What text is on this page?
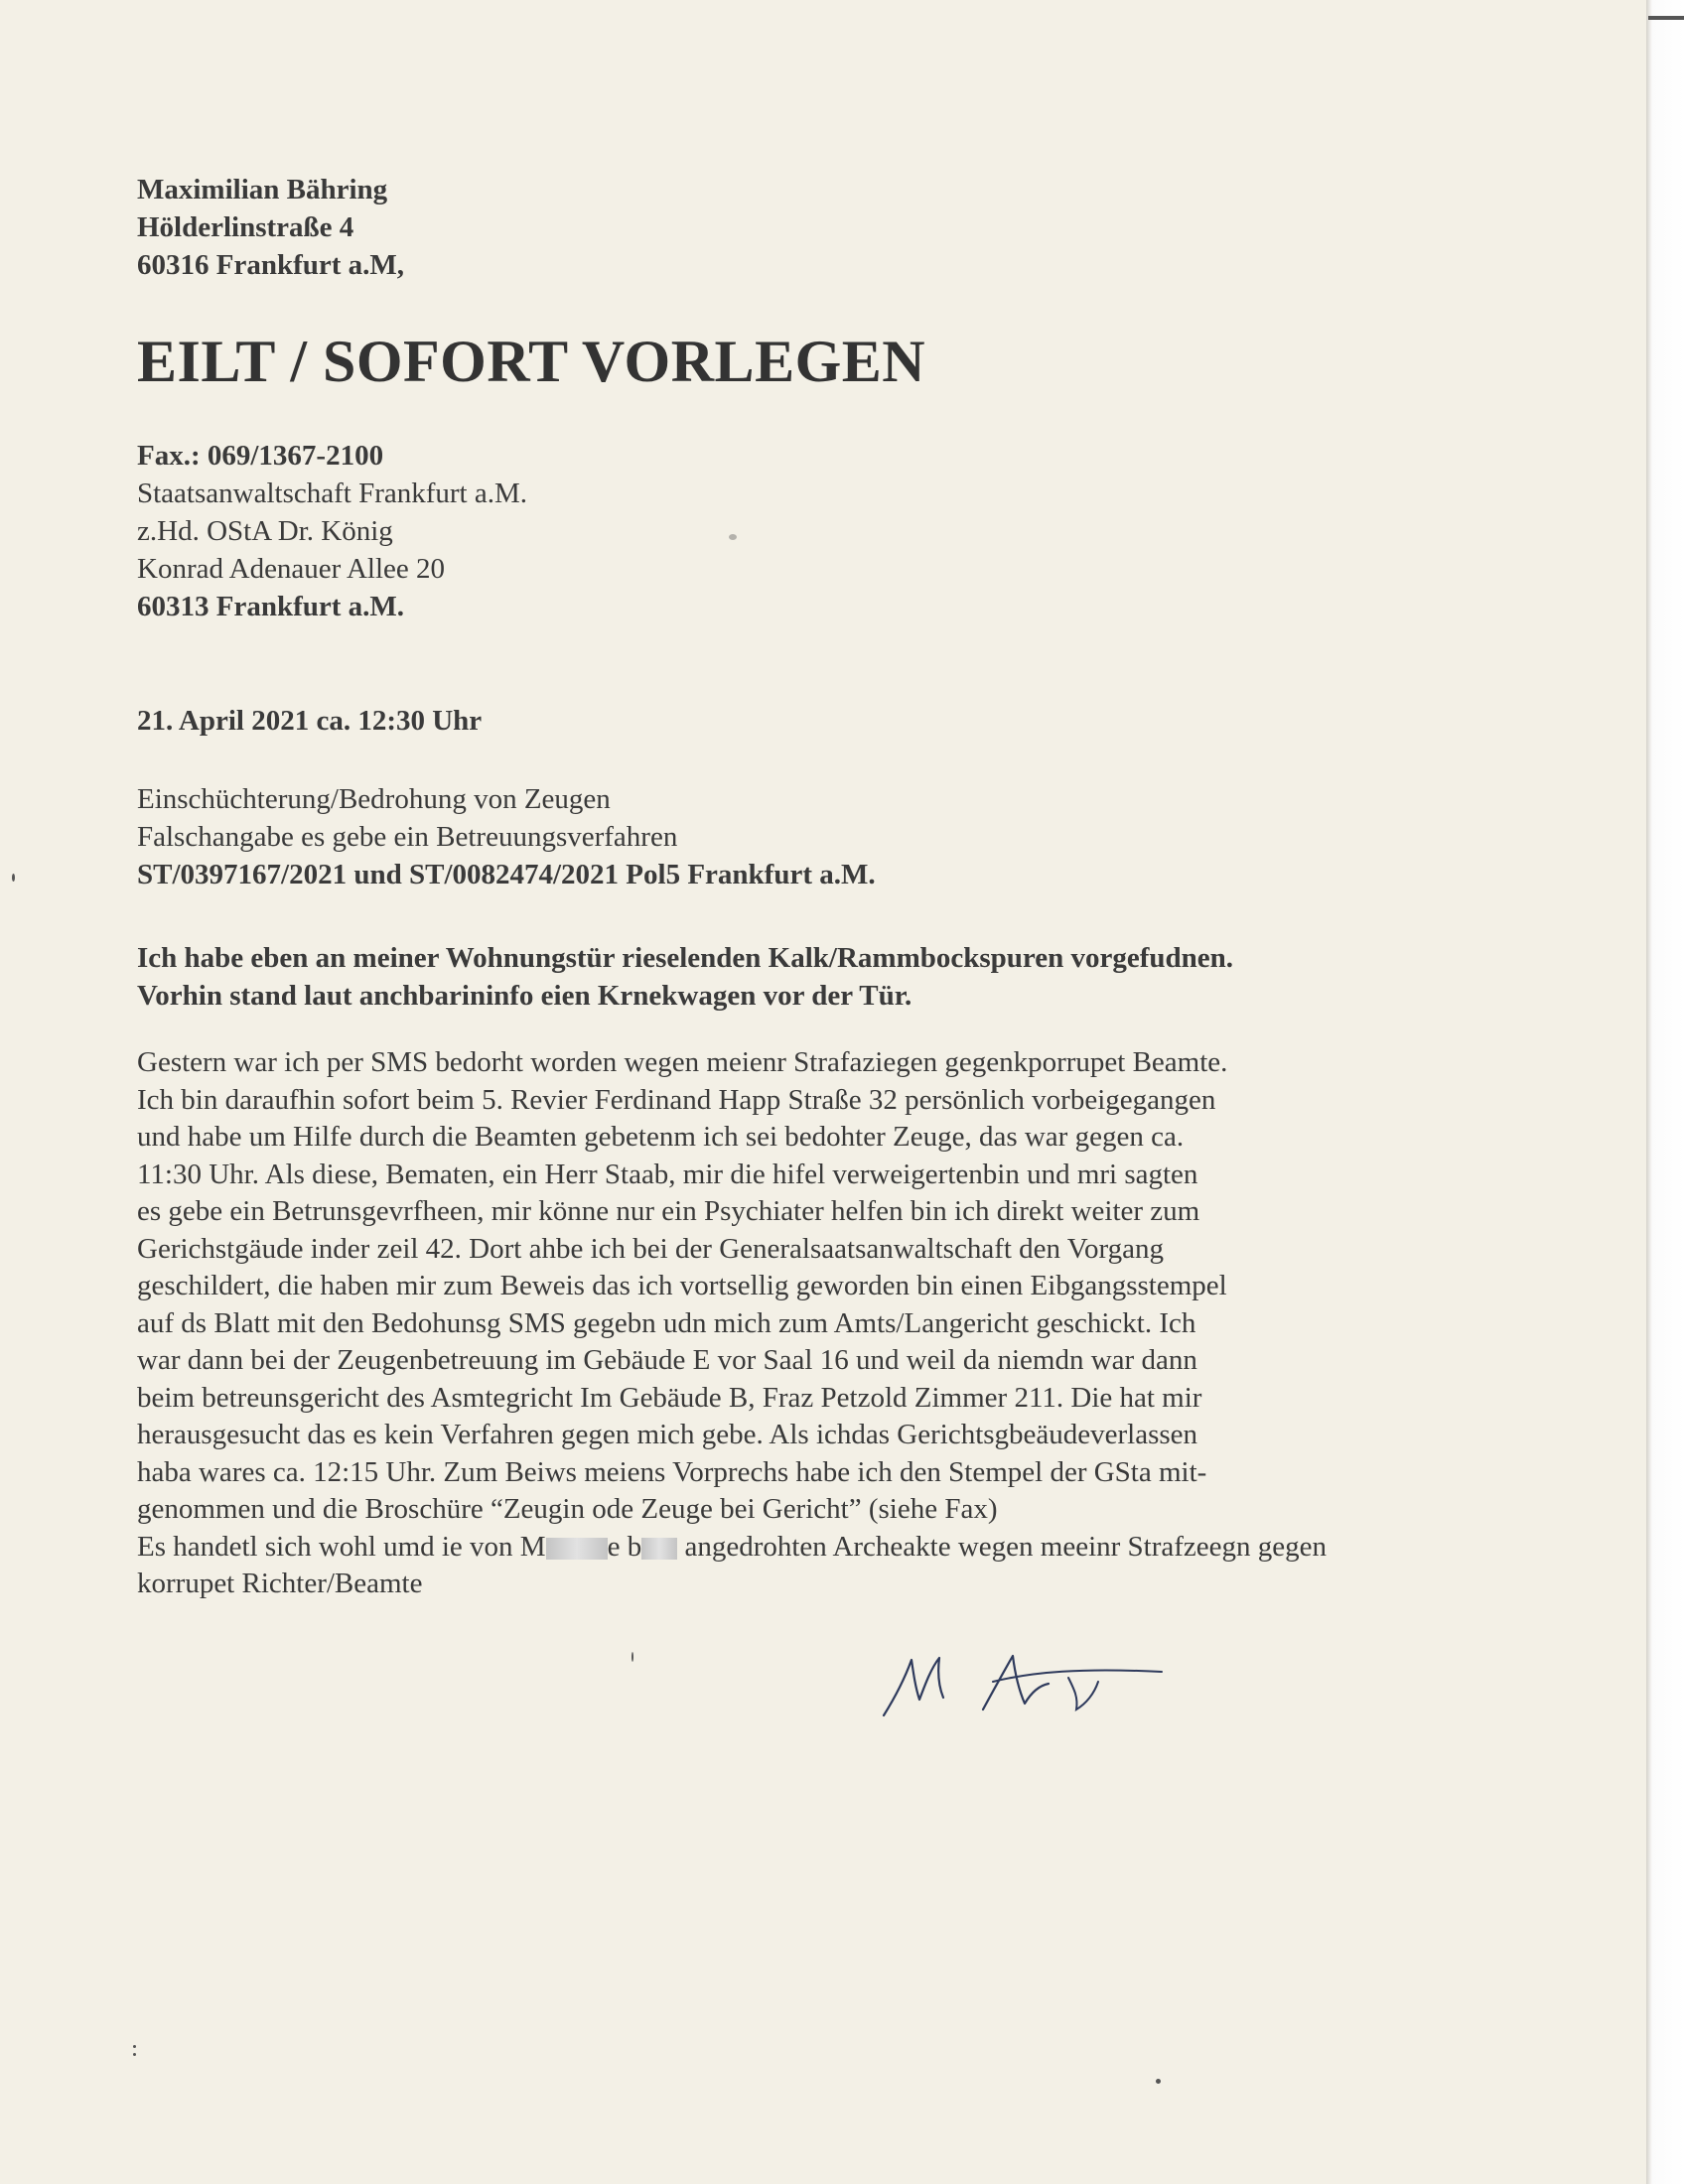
Maximilian Bähring
Hölderlinstraße 4
60316 Frankfurt a.M,
EILT / SOFORT VORLEGEN
Fax.: 069/1367-2100
Staatsanwaltschaft Frankfurt a.M.
z.Hd. OStA Dr. König
Konrad Adenauer Allee 20
60313 Frankfurt a.M.
21. April 2021 ca. 12:30 Uhr
Einschüchterung/Bedrohung von Zeugen
Falschangabe es gebe ein Betreuungsverfahren
ST/0397167/2021 und ST/0082474/2021 Pol5 Frankfurt a.M.
Ich habe eben an meiner Wohnungstür rieselenden Kalk/Rammbockspuren vorgefudnen.
Vorhin stand laut anchbarininfo eien Krnekwagen vor der Tür.
Gestern war ich per SMS bedorht worden wegen meienr Strafaziegen gegenkporrupet Beamte.
Ich bin daraufhin sofort beim 5. Revier Ferdinand Happ Straße 32 persönlich vorbeigegangen
und habe um Hilfe durch die Beamten gebetenm ich sei bedohter Zeuge, das war gegen ca.
11:30 Uhr. Als diese, Bematen, ein Herr Staab, mir die hifel verweigertenbin und mri sagten
es gebe ein Betrunsgevrfheen, mir könne nur ein Psychiater helfen bin ich direkt weiter zum
Gerichstgäude inder zeil 42. Dort ahbe ich bei der Generalsaatsanwaltschaft den Vorgang
geschildert, die haben mir zum Beweis das ich vortsellig geworden bin einen Eibgangsstempel
auf ds Blatt mit den Bedohunsg SMS gegebn udn mich zum Amts/Langericht geschickt. Ich
war dann bei der Zeugenbetreuung im Gebäude E vor Saal 16 und weil da niemdn war dann
beim betreunsgericht des Asmtegricht Im Gebäude B, Fraz Petzold Zimmer 211. Die hat mir
herausgesucht das es kein Verfahren gegen mich gebe. Als ichdas Gerichtsgbeäudeverlassen
haba wares ca. 12:15 Uhr. Zum Beiws meiens Vorprechs habe ich den Stempel der GSta mit-
genommen und die Broschüre “Zeugin ode Zeuge bei Gericht” (siehe Fax)
Es handetl sich wohl umd ie von M e b angedrohten Archeakte wegen meeinr Strafzeegn gegen
korrupet Richter/Beamte
